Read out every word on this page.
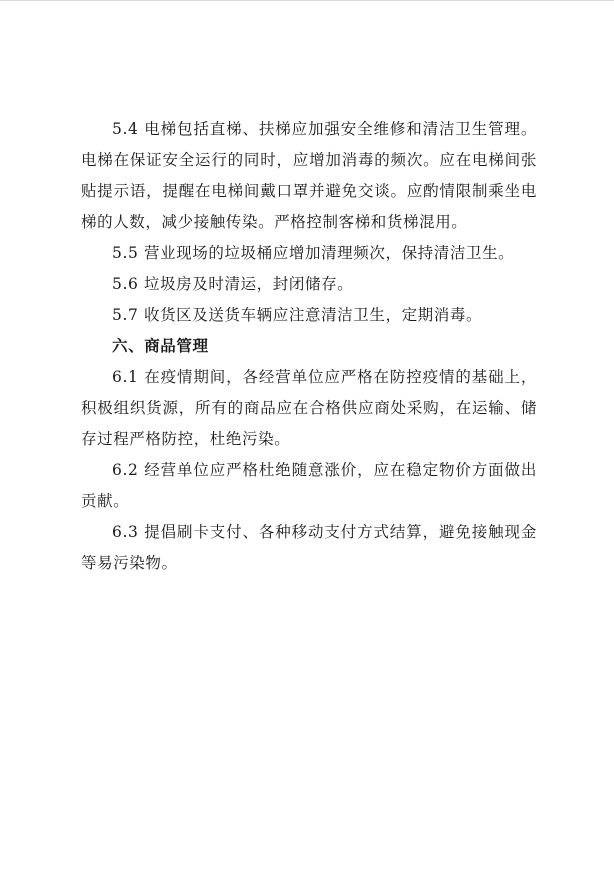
5.4 电梯包括直梯、扶梯应加强安全维修和清洁卫生管理。电梯在保证安全运行的同时，应增加消毒的频次。应在电梯间张贴提示语，提醒在电梯间戴口罩并避免交谈。应酌情限制乘坐电梯的人数，减少接触传染。严格控制客梯和货梯混用。

5.5 营业现场的垃圾桶应增加清理频次，保持清洁卫生。

5.6 垃圾房及时清运，封闭储存。

5.7 收货区及送货车辆应注意清洁卫生，定期消毒。

六、商品管理

6.1 在疫情期间，各经营单位应严格在防控疫情的基础上，积极组织货源，所有的商品应在合格供应商处采购，在运输、储存过程严格防控，杜绝污染。

6.2 经营单位应严格杜绝随意涨价，应在稳定物价方面做出贡献。

6.3 提倡刷卡支付、各种移动支付方式结算，避免接触现金等易污染物。
